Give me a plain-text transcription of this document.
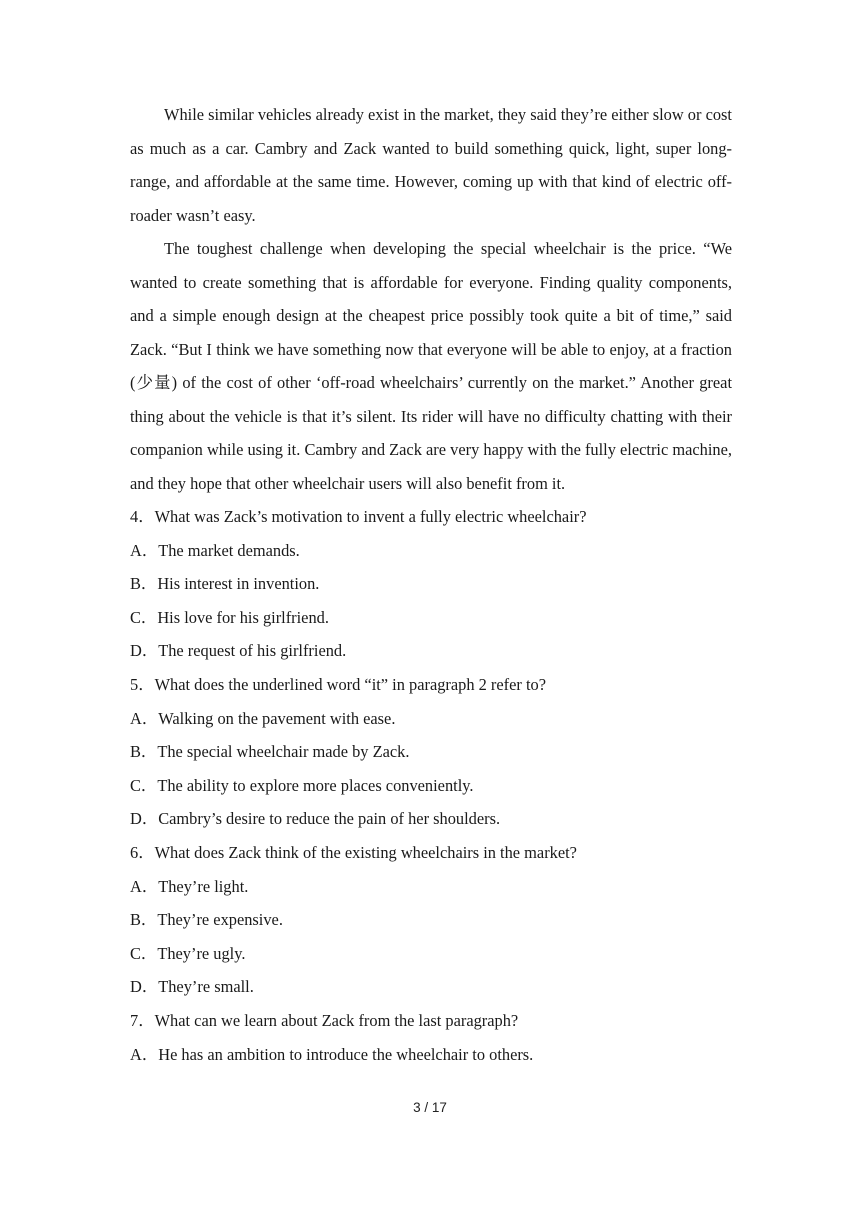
While similar vehicles already exist in the market, they said they’re either slow or cost as much as a car. Cambry and Zack wanted to build something quick, light, super long-range, and affordable at the same time. However, coming up with that kind of electric off-roader wasn’t easy.

The toughest challenge when developing the special wheelchair is the price. “We wanted to create something that is affordable for everyone. Finding quality components, and a simple enough design at the cheapest price possibly took quite a bit of time,” said Zack. “But I think we have something now that everyone will be able to enjoy, at a fraction (少量) of the cost of other ‘off-road wheelchairs’ currently on the market.” Another great thing about the vehicle is that it’s silent. Its rider will have no difficulty chatting with their companion while using it. Cambry and Zack are very happy with the fully electric machine, and they hope that other wheelchair users will also benefit from it.

4．What was Zack’s motivation to invent a fully electric wheelchair?

A．The market demands.

B．His interest in invention.

C．His love for his girlfriend.

D．The request of his girlfriend.

5．What does the underlined word “it” in paragraph 2 refer to?

A．Walking on the pavement with ease.

B．The special wheelchair made by Zack.

C．The ability to explore more places conveniently.

D．Cambry’s desire to reduce the pain of her shoulders.

6．What does Zack think of the existing wheelchairs in the market?

A．They’re light.

B．They’re expensive.

C．They’re ugly.

D．They’re small.

7．What can we learn about Zack from the last paragraph?

A．He has an ambition to introduce the wheelchair to others.

3 / 17
